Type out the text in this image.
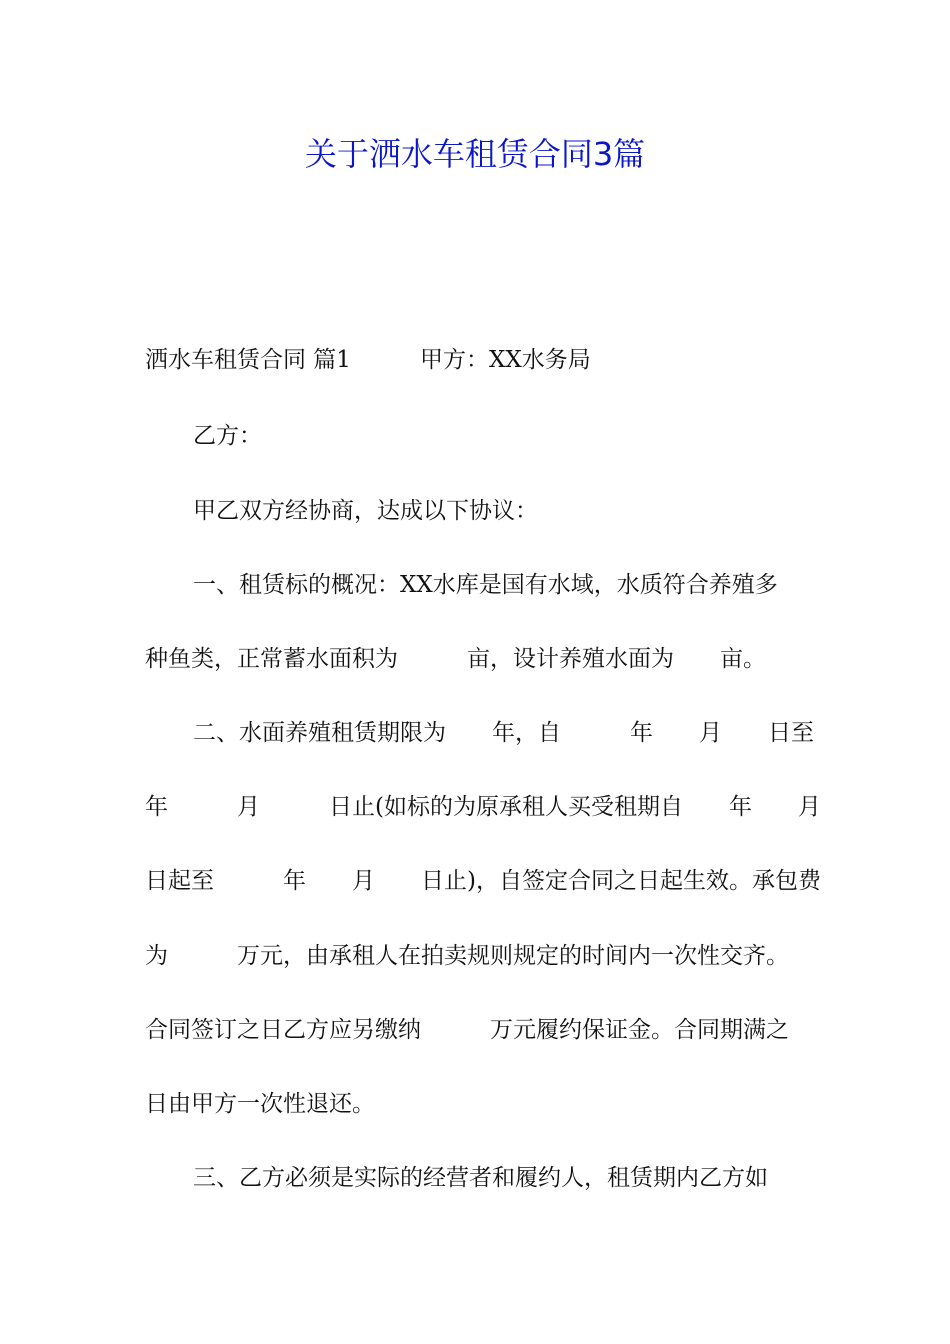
关于洒水车租赁合同3篇
洒水车租赁合同 篇1　　　甲方：XX水务局
乙方：
甲乙双方经协商，达成以下协议：
一、租赁标的概况：XX水库是国有水域，水质符合养殖多
种鱼类，正常蓄水面积为　　　亩，设计养殖水面为　　亩。
二、水面养殖租赁期限为　　年，自　　　年　　月　　日至
年　　　月　　　日止(如标的为原承租人买受租期自　　年　　月
日起至　　　年　　月　　日止)，自签定合同之日起生效。承包费
为　　　万元，由承租人在拍卖规则规定的时间内一次性交齐。
合同签订之日乙方应另缴纳　　　万元履约保证金。合同期满之
日由甲方一次性退还。
三、乙方必须是实际的经营者和履约人，租赁期内乙方如
